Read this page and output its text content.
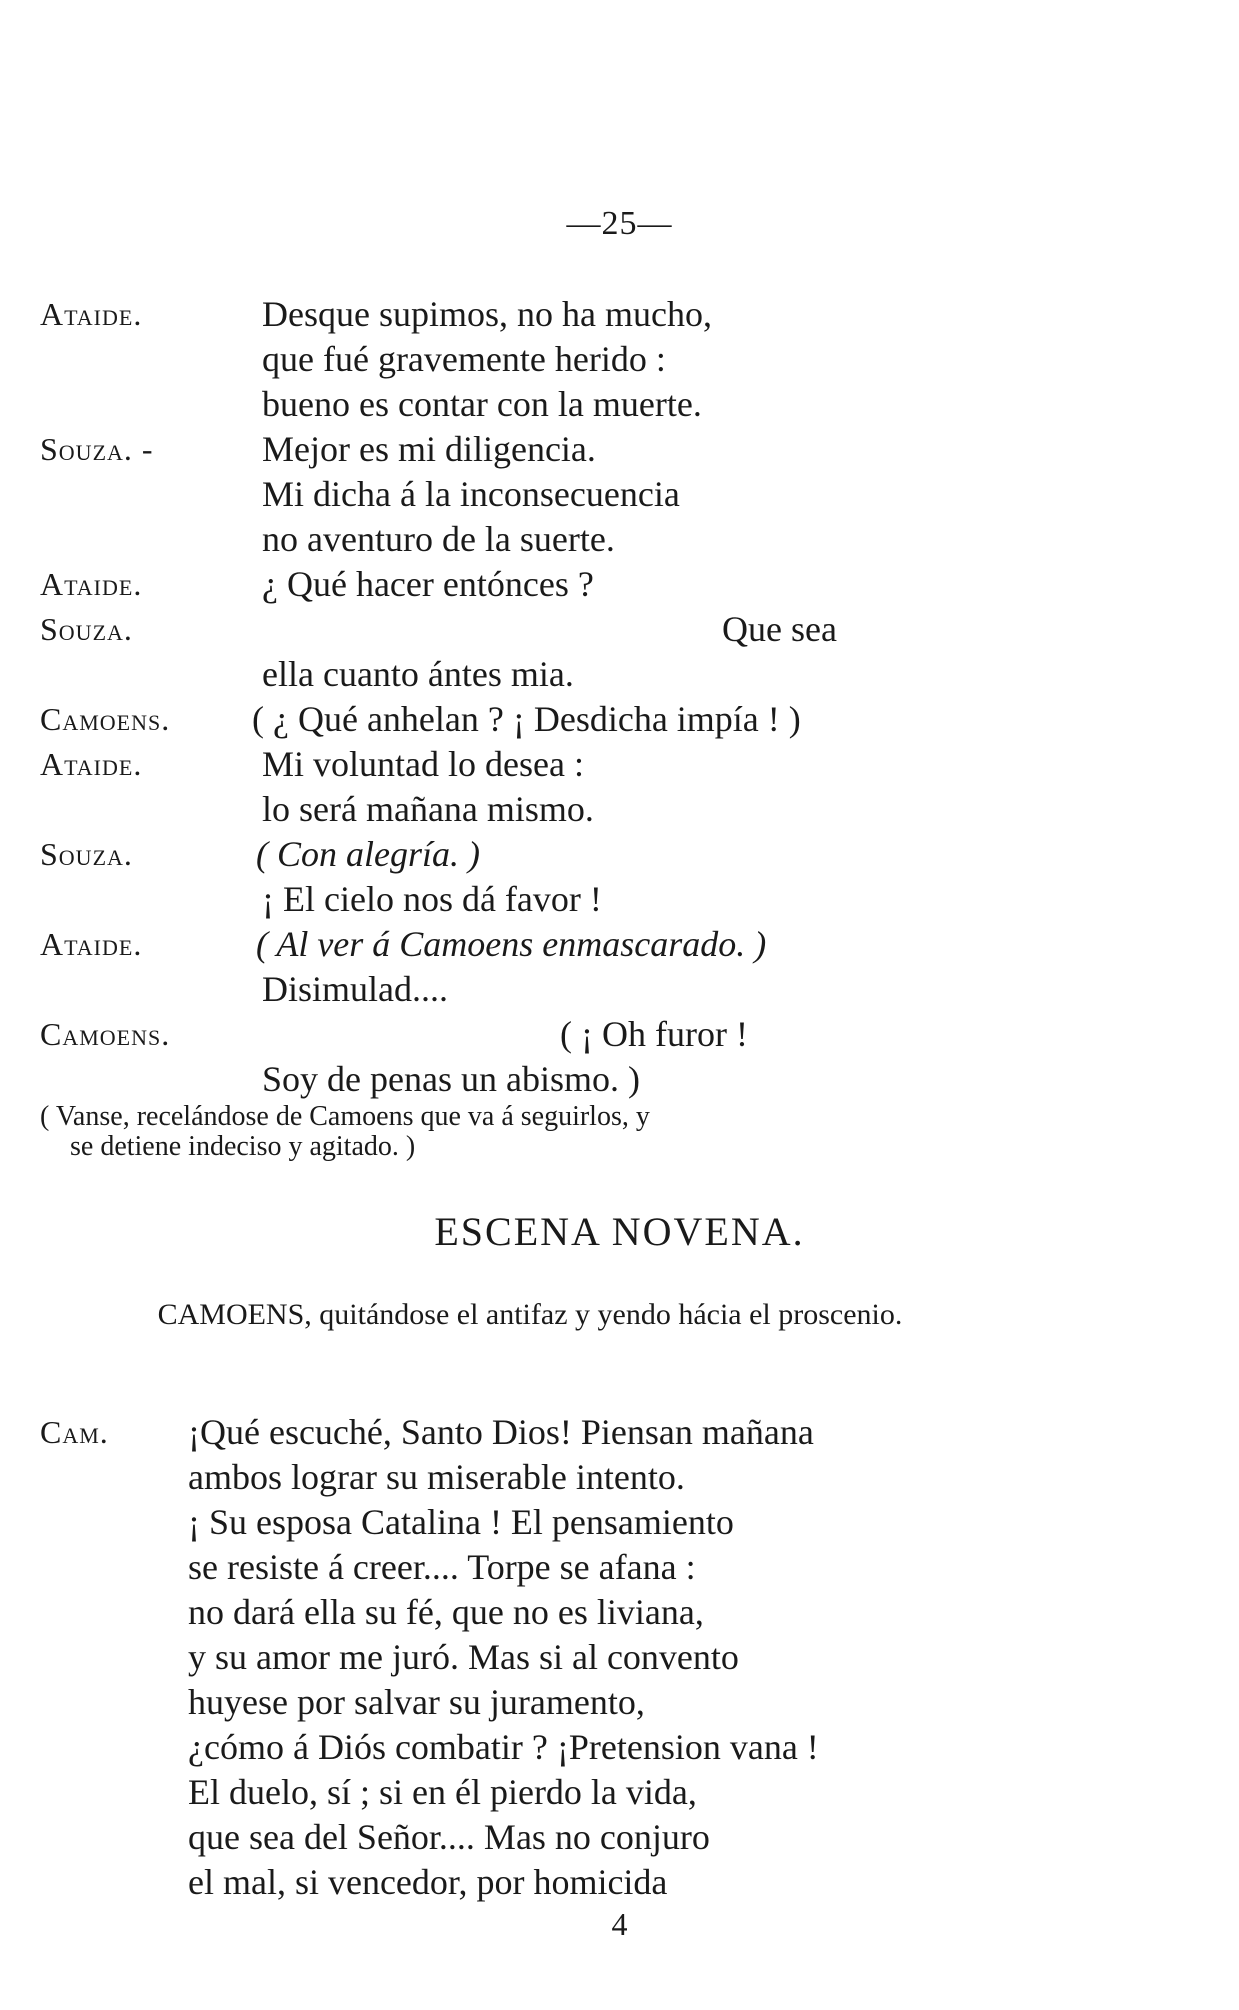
—25—
Ataide.	Desque supimos, no ha mucho,
que fué gravemente herido :
bueno es contar con la muerte.
Souza. -	Mejor es mi diligencia.
Mi dicha á la inconsecuencia
no aventuro de la suerte.
Ataide.	¿ Qué hacer entónces ?
Souza.	Que sea
ella cuanto ántes mia.
Camoens. ( ¿ Qué anhelan ? ¡ Desdicha impía ! )
Ataide.	Mi voluntad lo desea :
lo será mañana mismo.
Souza.	( Con alegría. )
¡ El cielo nos dá favor !
Ataide.	( Al ver á Camoens enmascarado. )
Disimulad....
Camoens.	( ¡ Oh furor !
Soy de penas un abismo. )
( Vanse, recelándose de Camoens que va á seguirlos, y
se detiene indeciso y agitado. )
ESCENA NOVENA.
CAMOENS, quitándose el antifaz y yendo hácia el proscenio.
Cam. ¡Qué escuché, Santo Dios! Piensan mañana
ambos lograr su miserable intento.
¡ Su esposa Catalina ! El pensamiento
se resiste á creer.... Torpe se afana :
no dará ella su fé, que no es liviana,
y su amor me juró. Mas si al convento
huyese por salvar su juramento,
¿cómo á Diós combatir ? ¡Pretension vana !
El duelo, sí ; si en él pierdo la vida,
que sea del Señor.... Mas no conjuro
el mal, si vencedor, por homicida
4
